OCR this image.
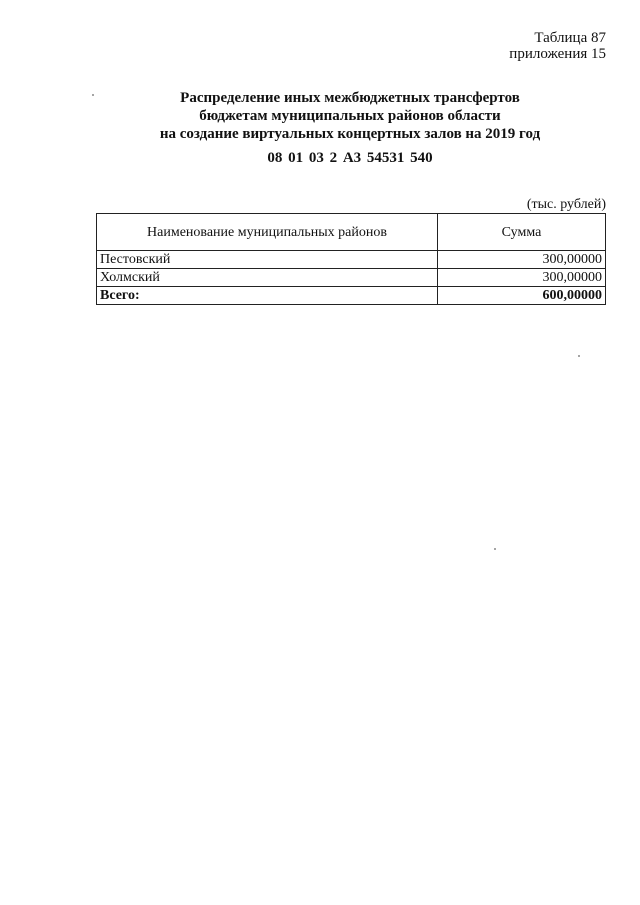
Таблица 87
приложения 15
Распределение иных межбюджетных трансфертов
бюджетам муниципальных районов области
на создание виртуальных концертных залов на 2019 год
08 01 03 2 А3 54531 540
(тыс. рублей)
Наименование муниципальных районов	Сумма
Пестовский	300,00000
Холмский	300,00000
Всего:	600,00000
